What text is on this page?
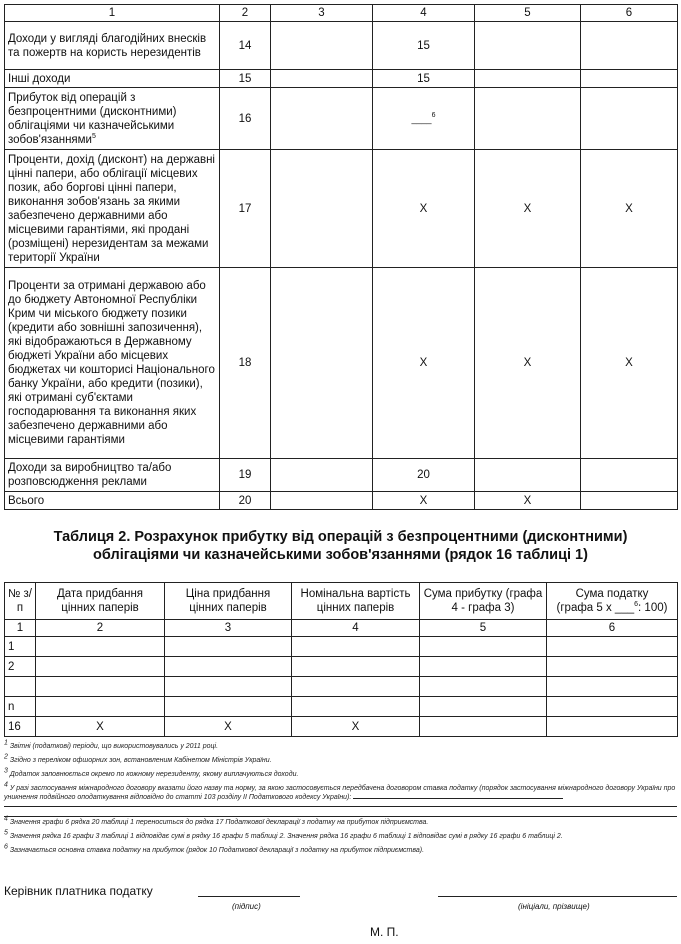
1	2	3	4	5	6
Доходи у вигляді благодійних внесків та пожертв на користь нерезидентів	14		15		
Інші доходи	15		15		
Прибуток від операцій з безпроцентними (дисконтними) облігаціями чи казначейськими зобов'язаннями$^5$	16		____$^6$		
Проценти, дохід (дисконт) на державні цінні папери, або облігації місцевих позик, або боргові цінні папери, виконання зобов'язань за якими забезпечено державними або місцевими гарантіями, які продані (розміщені) нерезидентам за межами території України	17		X	X	X
Проценти за отримані державою або до бюджету Автономної Республіки Крим чи міського бюджету позики (кредити або зовнішні запозичення), які відображаються в Державному бюджеті України або місцевих бюджетах чи кошториcі Національного банку України, або кредити (позики), які отримані суб'єктами господарювання та виконання яких забезпечено державними або місцевими гарантіями	18		X	X	X
Доходи за виробництво та/або розповсюдження реклами	19		20		
Всього	20		X	X	
Таблиця 2. Розрахунок прибутку від операцій з безпроцентними (дисконтними)
облігаціями чи казначейськими зобов'язаннями (рядок 16 таблиці 1)
№ з/п	Дата придбання цінних паперів	Ціна придбання цінних паперів	Номінальна вартість цінних паперів	Сума прибутку (графа 4 - графа 3)	Сума податку
(графа 5 х ___$^6$: 100)
1	2	3	4	5	6
1					
2					

n					
16	X	X	X		
$^1$ Звітні (податкові) періоди, що використовувались у 2011 році.
$^2$ Згідно з переліком офшорних зон, встановленим Кабінетом Міністрів України.
$^3$ Додаток заповнюється окремо по кожному нерезиденту, якому виплачуються доходи.
$^4$ У разі застосування міжнародного договору вказати його назву та норму, за якою застосовується передбачена договором ставка податку (порядок застосування міжнародного договору України про уникнення подвійного оподаткування відповідно до статті 103 розділу ІІ Податкового кодексу України):
$^4$ Значення графи 6 рядка 20 таблиці 1 переноситься до рядка 17 Податкової декларації з податку на прибуток підприємства.
$^5$ Значення рядка 16 графи 3 таблиці 1 відповідає сумі в рядку 16 графи 5 таблиці 2. Значення рядка 16 графи 6 таблиці 1 відповідає сумі в рядку 16 графи 6 таблиці 2.
$^6$ Зазначається основна ставка податку на прибуток (рядок 10 Податкової декларації з податку на прибуток підприємства).
Керівник платника податку
(підпис)	(ініціали, прізвище)
М. П.
